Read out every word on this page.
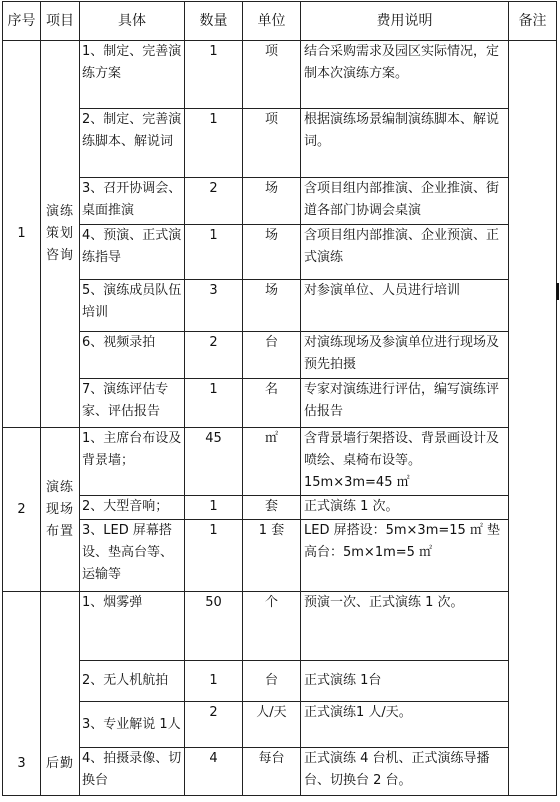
序号	项目	具体	数量	单位	费用说明	备注
1	演练策划咨询	1、制定、完善演练方案	1	项	结合采购需求及园区实际情况，定制本次演练方案。	
		2、制定、完善演练脚本、解说词	1	项	根据演练场景编制演练脚本、解说词。	
		3、召开协调会、桌面推演	2	场	含项目组内部推演、企业推演、街道各部门协调会桌演	
		4、预演、正式演练指导	1	场	含项目组内部推演、企业预演、正式演练	
		5、演练成员队伍培训	3	场	对参演单位、人员进行培训	
		6、视频录拍	2	台	对演练现场及参演单位进行现场及预先拍摄	
		7、演练评估专家、评估报告	1	名	专家对演练进行评估，编写演练评估报告	
2	演练现场布置	1、主席台布设及背景墙；	45	㎡	含背景墙行架搭设、背景画设计及喷绘、桌椅布设等。15m×3m=45 ㎡	
		2、大型音响；	1	套	正式演练 1 次。	
		3、LED 屏幕搭设、垫高台等、运输等	1	1 套	LED 屏搭设：5m×3m=15 ㎡ 垫高台：5m×1m=5 ㎡	
3	后勤	1、烟雾弹	50	个	预演一次、正式演练 1 次。	
		2、无人机航拍	1	台	正式演练 1台	
		3、专业解说 1人	2	人/天	正式演练1 人/天。	
		4、拍摄录像、切换台	4	每台	正式演练 4 台机、正式演练导播台、切换台 2 台。	
